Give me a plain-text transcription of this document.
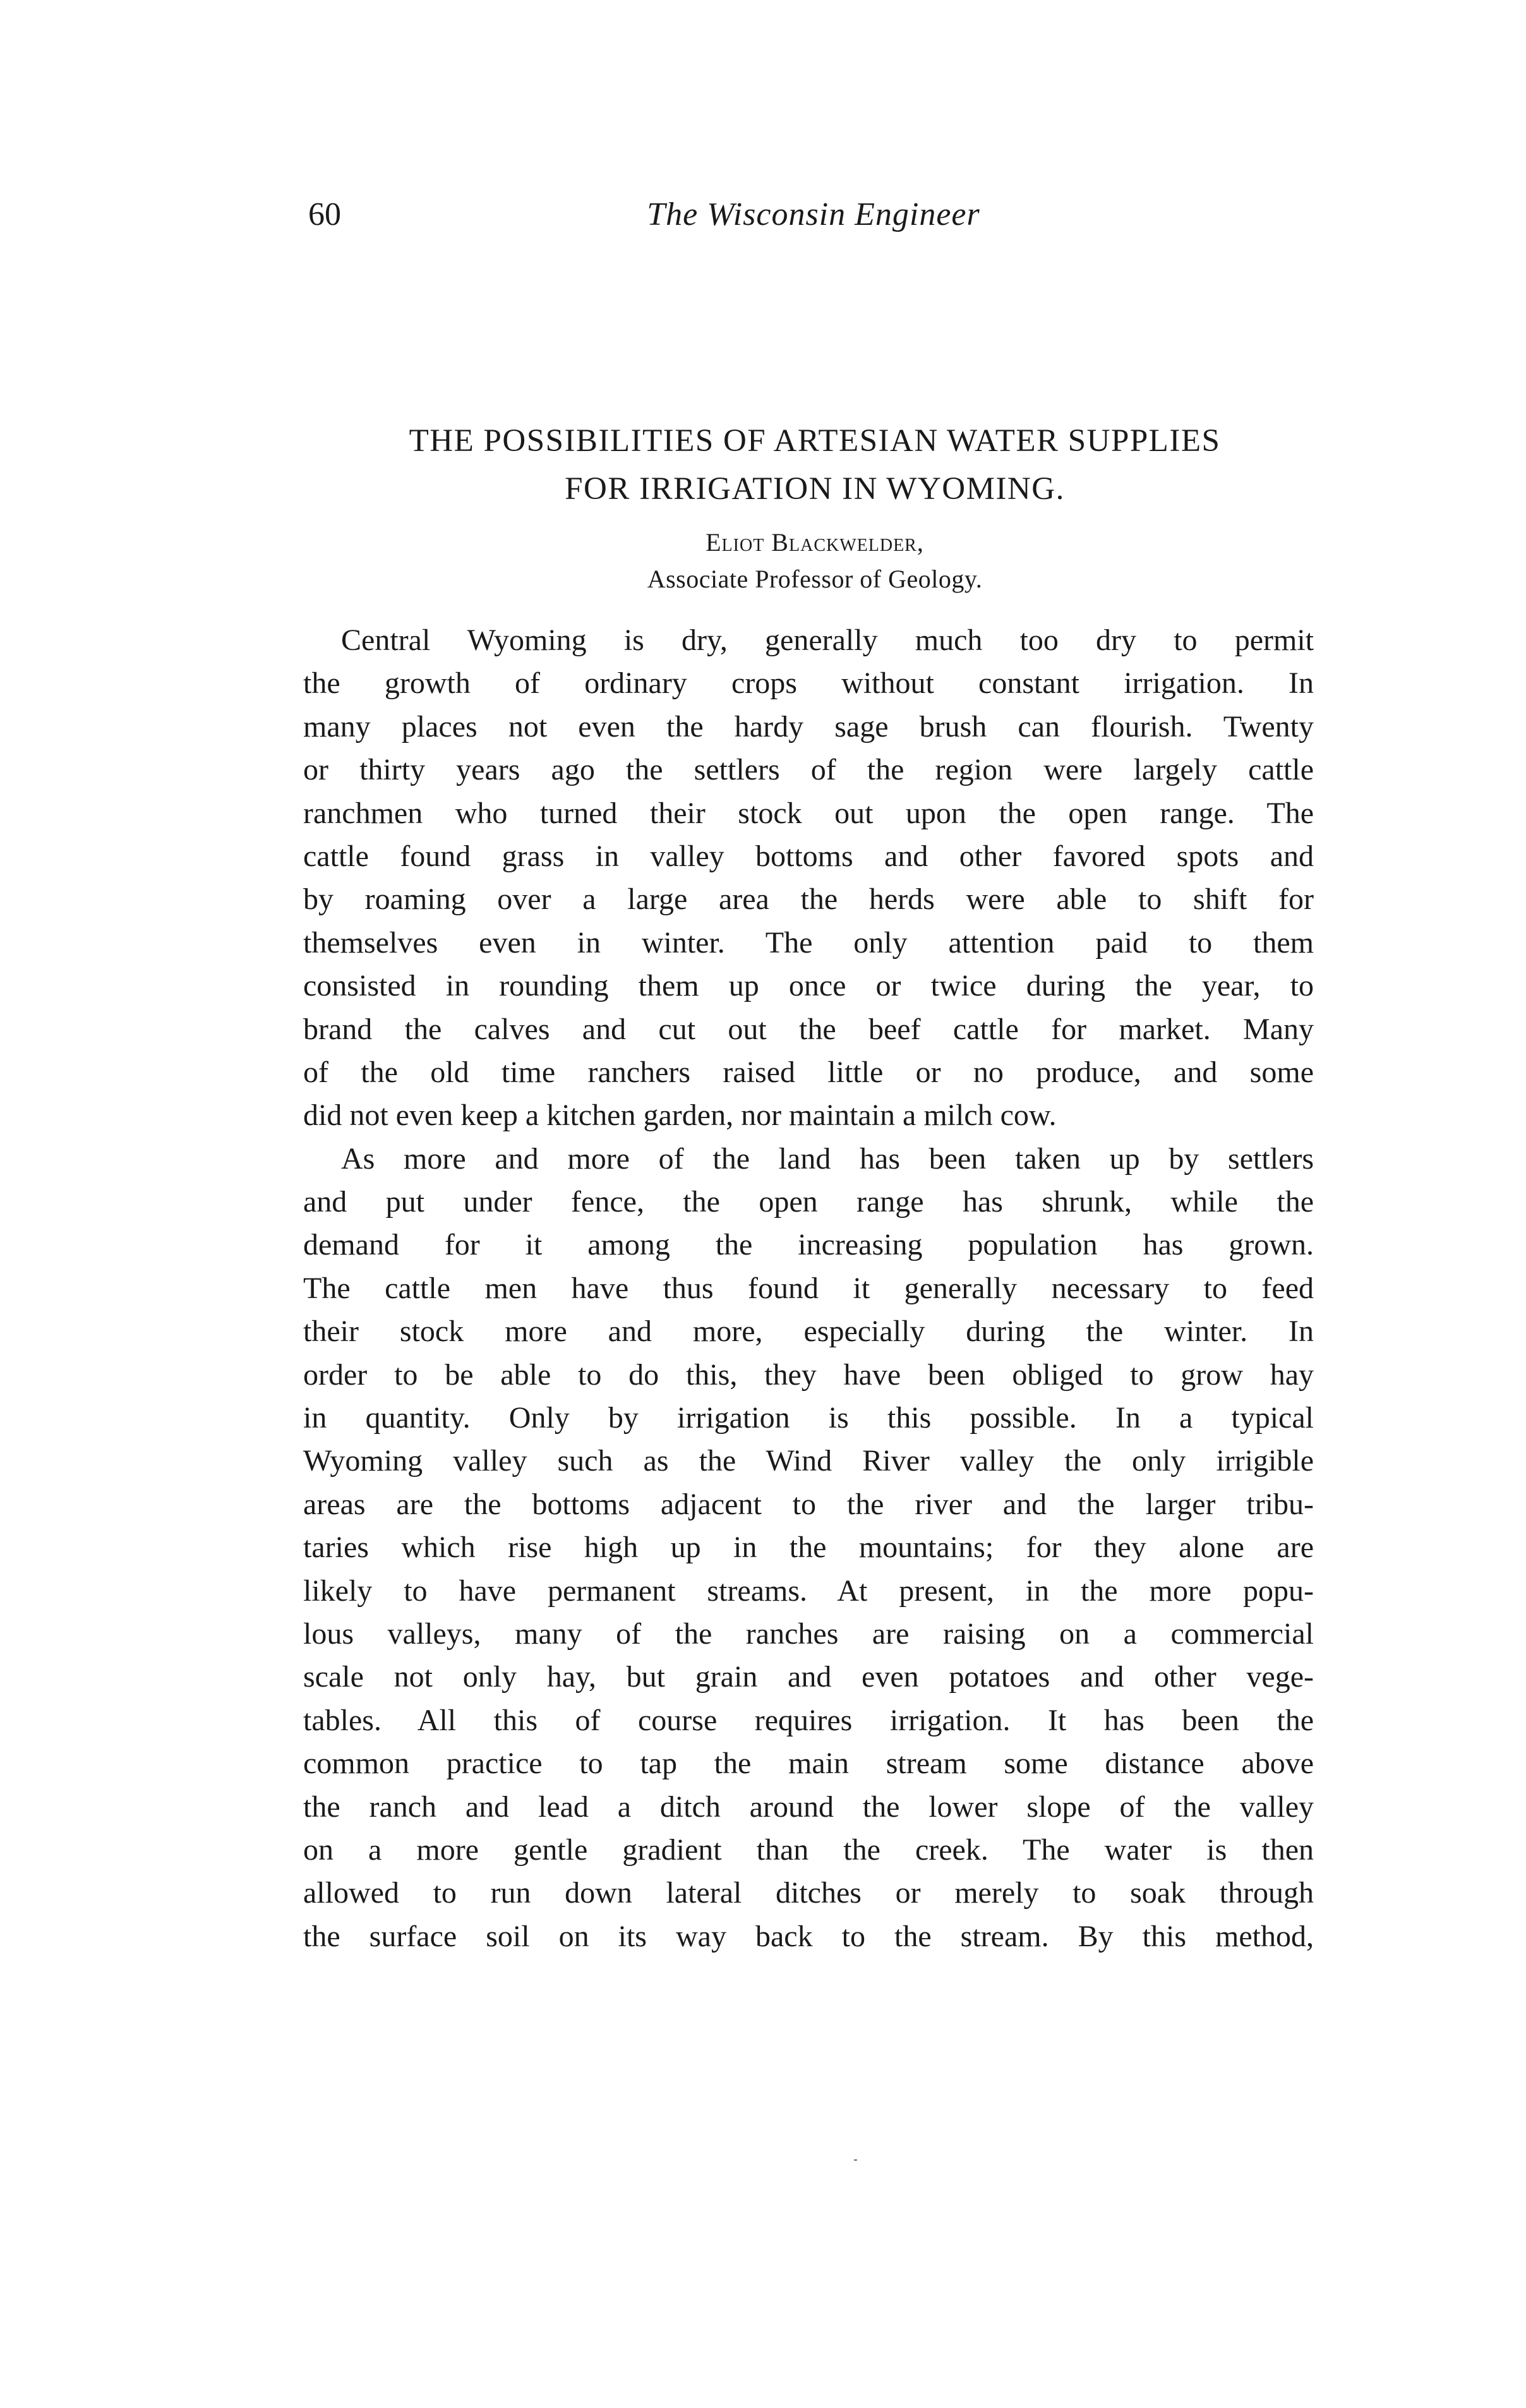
60	The Wisconsin Engineer
THE POSSIBILITIES OF ARTESIAN WATER SUPPLIES
FOR IRRIGATION IN WYOMING.
Eliot Blackwelder,
Associate Professor of Geology.
Central Wyoming is dry, generally much too dry to permit
the growth of ordinary crops without constant irrigation. In
many places not even the hardy sage brush can flourish. Twenty
or thirty years ago the settlers of the region were largely cattle
ranchmen who turned their stock out upon the open range. The
cattle found grass in valley bottoms and other favored spots and
by roaming over a large area the herds were able to shift for
themselves even in winter. The only attention paid to them
consisted in rounding them up once or twice during the year, to
brand the calves and cut out the beef cattle for market. Many
of the old time ranchers raised little or no produce, and some
did not even keep a kitchen garden, nor maintain a milch cow.
As more and more of the land has been taken up by settlers
and put under fence, the open range has shrunk, while the
demand for it among the increasing population has grown.
The cattle men have thus found it generally necessary to feed
their stock more and more, especially during the winter. In
order to be able to do this, they have been obliged to grow hay
in quantity. Only by irrigation is this possible. In a typical
Wyoming valley such as the Wind River valley the only irrigible
areas are the bottoms adjacent to the river and the larger tribu-
taries which rise high up in the mountains; for they alone are
likely to have permanent streams. At present, in the more popu-
lous valleys, many of the ranches are raising on a commercial
scale not only hay, but grain and even potatoes and other vege-
tables. All this of course requires irrigation. It has been the
common practice to tap the main stream some distance above
the ranch and lead a ditch around the lower slope of the valley
on a more gentle gradient than the creek. The water is then
allowed to run down lateral ditches or merely to soak through
the surface soil on its way back to the stream. By this method,
